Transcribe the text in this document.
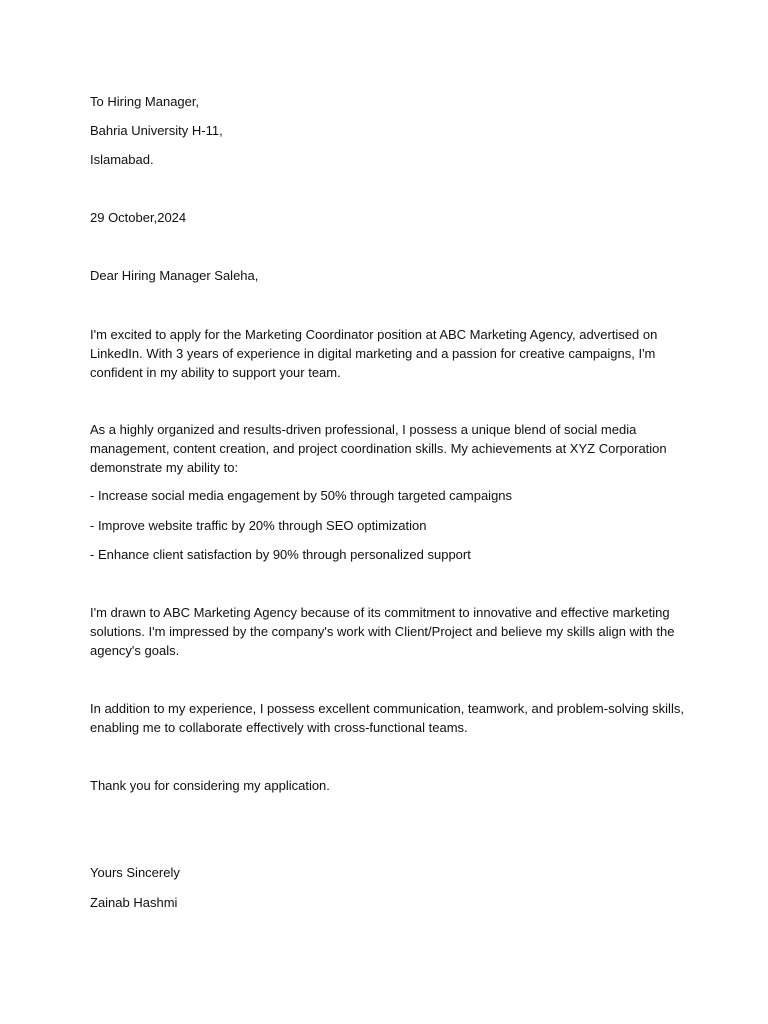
To Hiring Manager,
Bahria University H-11,
Islamabad.
29 October,2024
Dear Hiring Manager Saleha,
I'm excited to apply for the Marketing Coordinator position at ABC Marketing Agency, advertised on
LinkedIn. With 3 years of experience in digital marketing and a passion for creative campaigns, I'm
confident in my ability to support your team.
As a highly organized and results-driven professional, I possess a unique blend of social media
management, content creation, and project coordination skills. My achievements at XYZ Corporation
demonstrate my ability to:
- Increase social media engagement by 50% through targeted campaigns
- Improve website traffic by 20% through SEO optimization
- Enhance client satisfaction by 90% through personalized support
I'm drawn to ABC Marketing Agency because of its commitment to innovative and effective marketing
solutions. I'm impressed by the company's work with Client/Project and believe my skills align with the
agency's goals.
In addition to my experience, I possess excellent communication, teamwork, and problem-solving skills,
enabling me to collaborate effectively with cross-functional teams.
Thank you for considering my application.
Yours Sincerely
Zainab Hashmi
